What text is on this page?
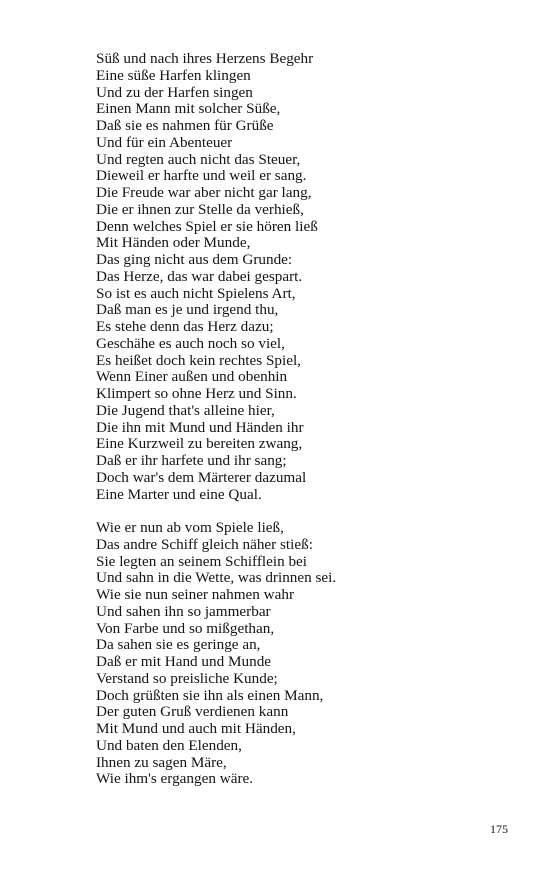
Süß und nach ihres Herzens Begehr
Eine süße Harfen klingen
Und zu der Harfen singen
Einen Mann mit solcher Süße,
Daß sie es nahmen für Grüße
Und für ein Abenteuer
Und regten auch nicht das Steuer,
Dieweil er harfte und weil er sang.
Die Freude war aber nicht gar lang,
Die er ihnen zur Stelle da verhieß,
Denn welches Spiel er sie hören ließ
Mit Händen oder Munde,
Das ging nicht aus dem Grunde:
Das Herze, das war dabei gespart.
So ist es auch nicht Spielens Art,
Daß man es je und irgend thu,
Es stehe denn das Herz dazu;
Geschähe es auch noch so viel,
Es heißet doch kein rechtes Spiel,
Wenn Einer außen und obenhin
Klimpert so ohne Herz und Sinn.
Die Jugend that's alleine hier,
Die ihn mit Mund und Händen ihr
Eine Kurzweil zu bereiten zwang,
Daß er ihr harfete und ihr sang;
Doch war's dem Märterer dazumal
Eine Marter und eine Qual.
Wie er nun ab vom Spiele ließ,
Das andre Schiff gleich näher stieß:
Sie legten an seinem Schifflein bei
Und sahn in die Wette, was drinnen sei.
Wie sie nun seiner nahmen wahr
Und sahen ihn so jammerbar
Von Farbe und so mißgethan,
Da sahen sie es geringe an,
Daß er mit Hand und Munde
Verstand so preisliche Kunde;
Doch grüßten sie ihn als einen Mann,
Der guten Gruß verdienen kann
Mit Mund und auch mit Händen,
Und baten den Elenden,
Ihnen zu sagen Märe,
Wie ihm's ergangen wäre.
175
